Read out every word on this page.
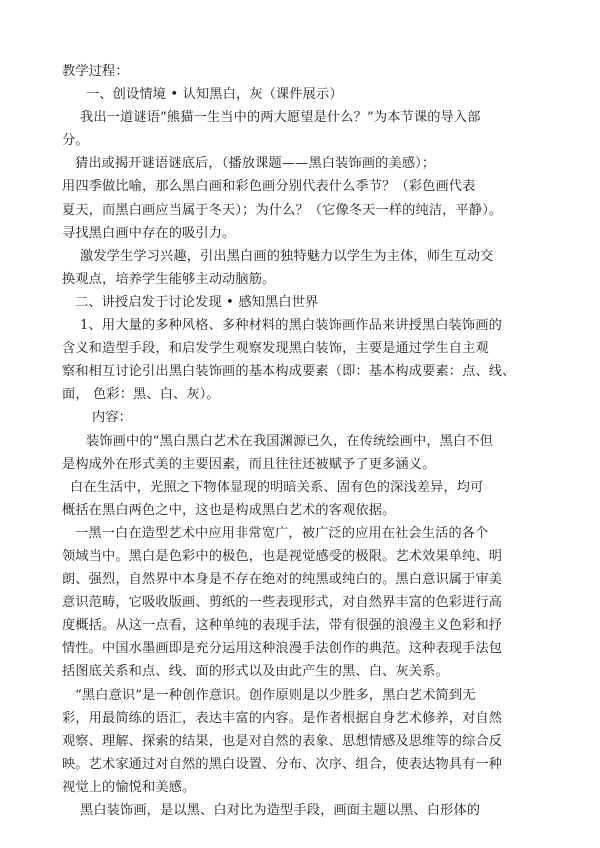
教学过程：
一、创设情境 • 认知黑白，灰（课件展示）
我出一道谜语“熊猫一生当中的两大愿望是什么？”为本节课的导入部
分。
猜出或揭开谜语谜底后，（播放课题——黑白装饰画的美感）；
用四季做比喻，那么黑白画和彩色画分别代表什么季节？（彩色画代表
夏天，而黑白画应当属于冬天）；为什么？（它像冬天一样的纯洁，平静）。
寻找黑白画中存在的吸引力。
激发学生学习兴趣，引出黑白画的独特魅力以学生为主体，师生互动交
换观点，培养学生能够主动动脑筋。
二、讲授启发于讨论发现 • 感知黑白世界
1、用大量的多种风格、多种材料的黑白装饰画作品来讲授黑白装饰画的
含义和造型手段，和启发学生观察发现黑白装饰，主要是通过学生自主观
察和相互讨论引出黑白装饰画的基本构成要素（即：基本构成要素：点、线、
面， 色彩：黑、白、灰）。
内容：
装饰画中的“黑白黑白艺术在我国渊源已久，在传统绘画中，黑白不但
是构成外在形式美的主要因素，而且往往还被赋予了更多涵义。
白在生活中，光照之下物体显现的明暗关系、固有色的深浅差异，均可
概括在黑白两色之中，这也是构成黑白艺术的客观依据。
一黑一白在造型艺术中应用非常宽广，被广泛的应用在社会生活的各个
领域当中。黑白是色彩中的极色，也是视觉感受的极限。艺术效果单纯、明
朗、强烈，自然界中本身是不存在绝对的纯黑或纯白的。黑白意识属于审美
意识范畴，它吸收版画、剪纸的一些表现形式，对自然界丰富的色彩进行高
度概括。从这一点看，这种单纯的表现手法，带有很强的浪漫主义色彩和抒
情性。中国水墨画即是充分运用这种浪漫手法创作的典范。这种表现手法包
括图底关系和点、线、面的形式以及由此产生的黑、白、灰关系。
“黑白意识”是一种创作意识。创作原则是以少胜多，黑白艺术简到无
彩，用最简练的语汇，表达丰富的内容。是作者根据自身艺术修养，对自然
观察、理解、探索的结果，也是对自然的表象、思想情感及思维等的综合反
映。艺术家通过对自然的黑白设置、分布、次序、组合，使表达物具有一种
视觉上的愉悦和美感。
黑白装饰画，是以黑、白对比为造型手段，画面主题以黑、白形体的
